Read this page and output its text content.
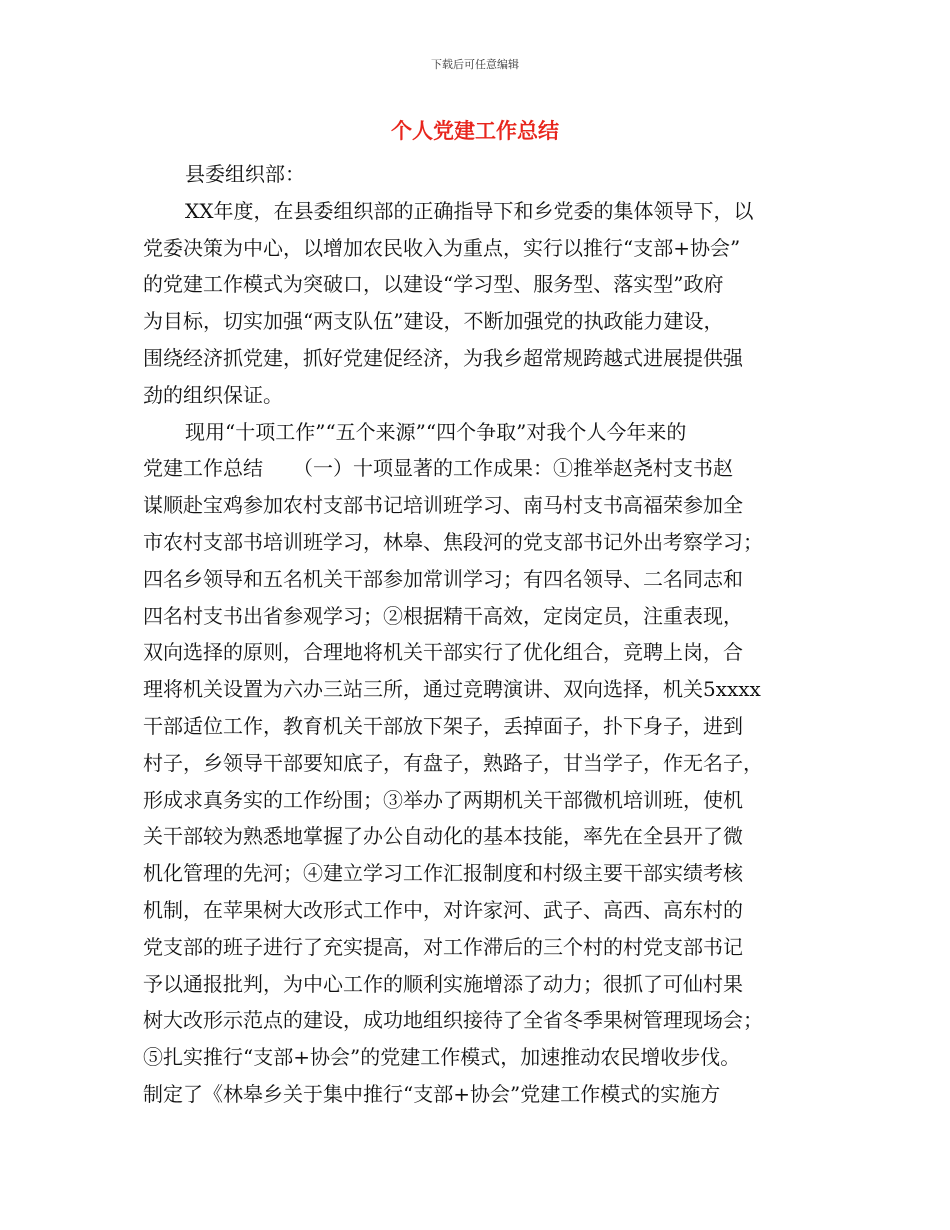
下载后可任意编辑
个人党建工作总结
县委组织部：
XX年度，在县委组织部的正确指导下和乡党委的集体领导下，以
党委决策为中心，以增加农民收入为重点，实行以推行“支部+协会”
的党建工作模式为突破口，以建设“学习型、服务型、落实型”政府
为目标，切实加强“两支队伍”建设，不断加强党的执政能力建设，
围绕经济抓党建，抓好党建促经济，为我乡超常规跨越式进展提供强
劲的组织保证。
现用“十项工作”“五个来源”“四个争取”对我个人今年来的
党建工作总结　　（一）十项显著的工作成果：①推举赵尧村支书赵
谋顺赴宝鸡参加农村支部书记培训班学习、南马村支书高福荣参加全
市农村支部书培训班学习，林皋、焦段河的党支部书记外出考察学习；
四名乡领导和五名机关干部参加常训学习；有四名领导、二名同志和
四名村支书出省参观学习；②根据精干高效，定岗定员，注重表现，
双向选择的原则，合理地将机关干部实行了优化组合，竞聘上岗，合
理将机关设置为六办三站三所，通过竞聘演讲、双向选择，机关5xxxx
干部适位工作，教育机关干部放下架子，丢掉面子，扑下身子，进到
村子，乡领导干部要知底子，有盘子，熟路子，甘当学子，作无名子，
形成求真务实的工作纷围；③举办了两期机关干部微机培训班，使机
关干部较为熟悉地掌握了办公自动化的基本技能，率先在全县开了微
机化管理的先河；④建立学习工作汇报制度和村级主要干部实绩考核
机制，在苹果树大改形式工作中，对许家河、武子、高西、高东村的
党支部的班子进行了充实提高，对工作滞后的三个村的村党支部书记
予以通报批判，为中心工作的顺利实施增添了动力；很抓了可仙村果
树大改形示范点的建设，成功地组织接待了全省冬季果树管理现场会；
⑤扎实推行“支部+协会”的党建工作模式，加速推动农民增收步伐。
制定了《林皋乡关于集中推行“支部+协会”党建工作模式的实施方
